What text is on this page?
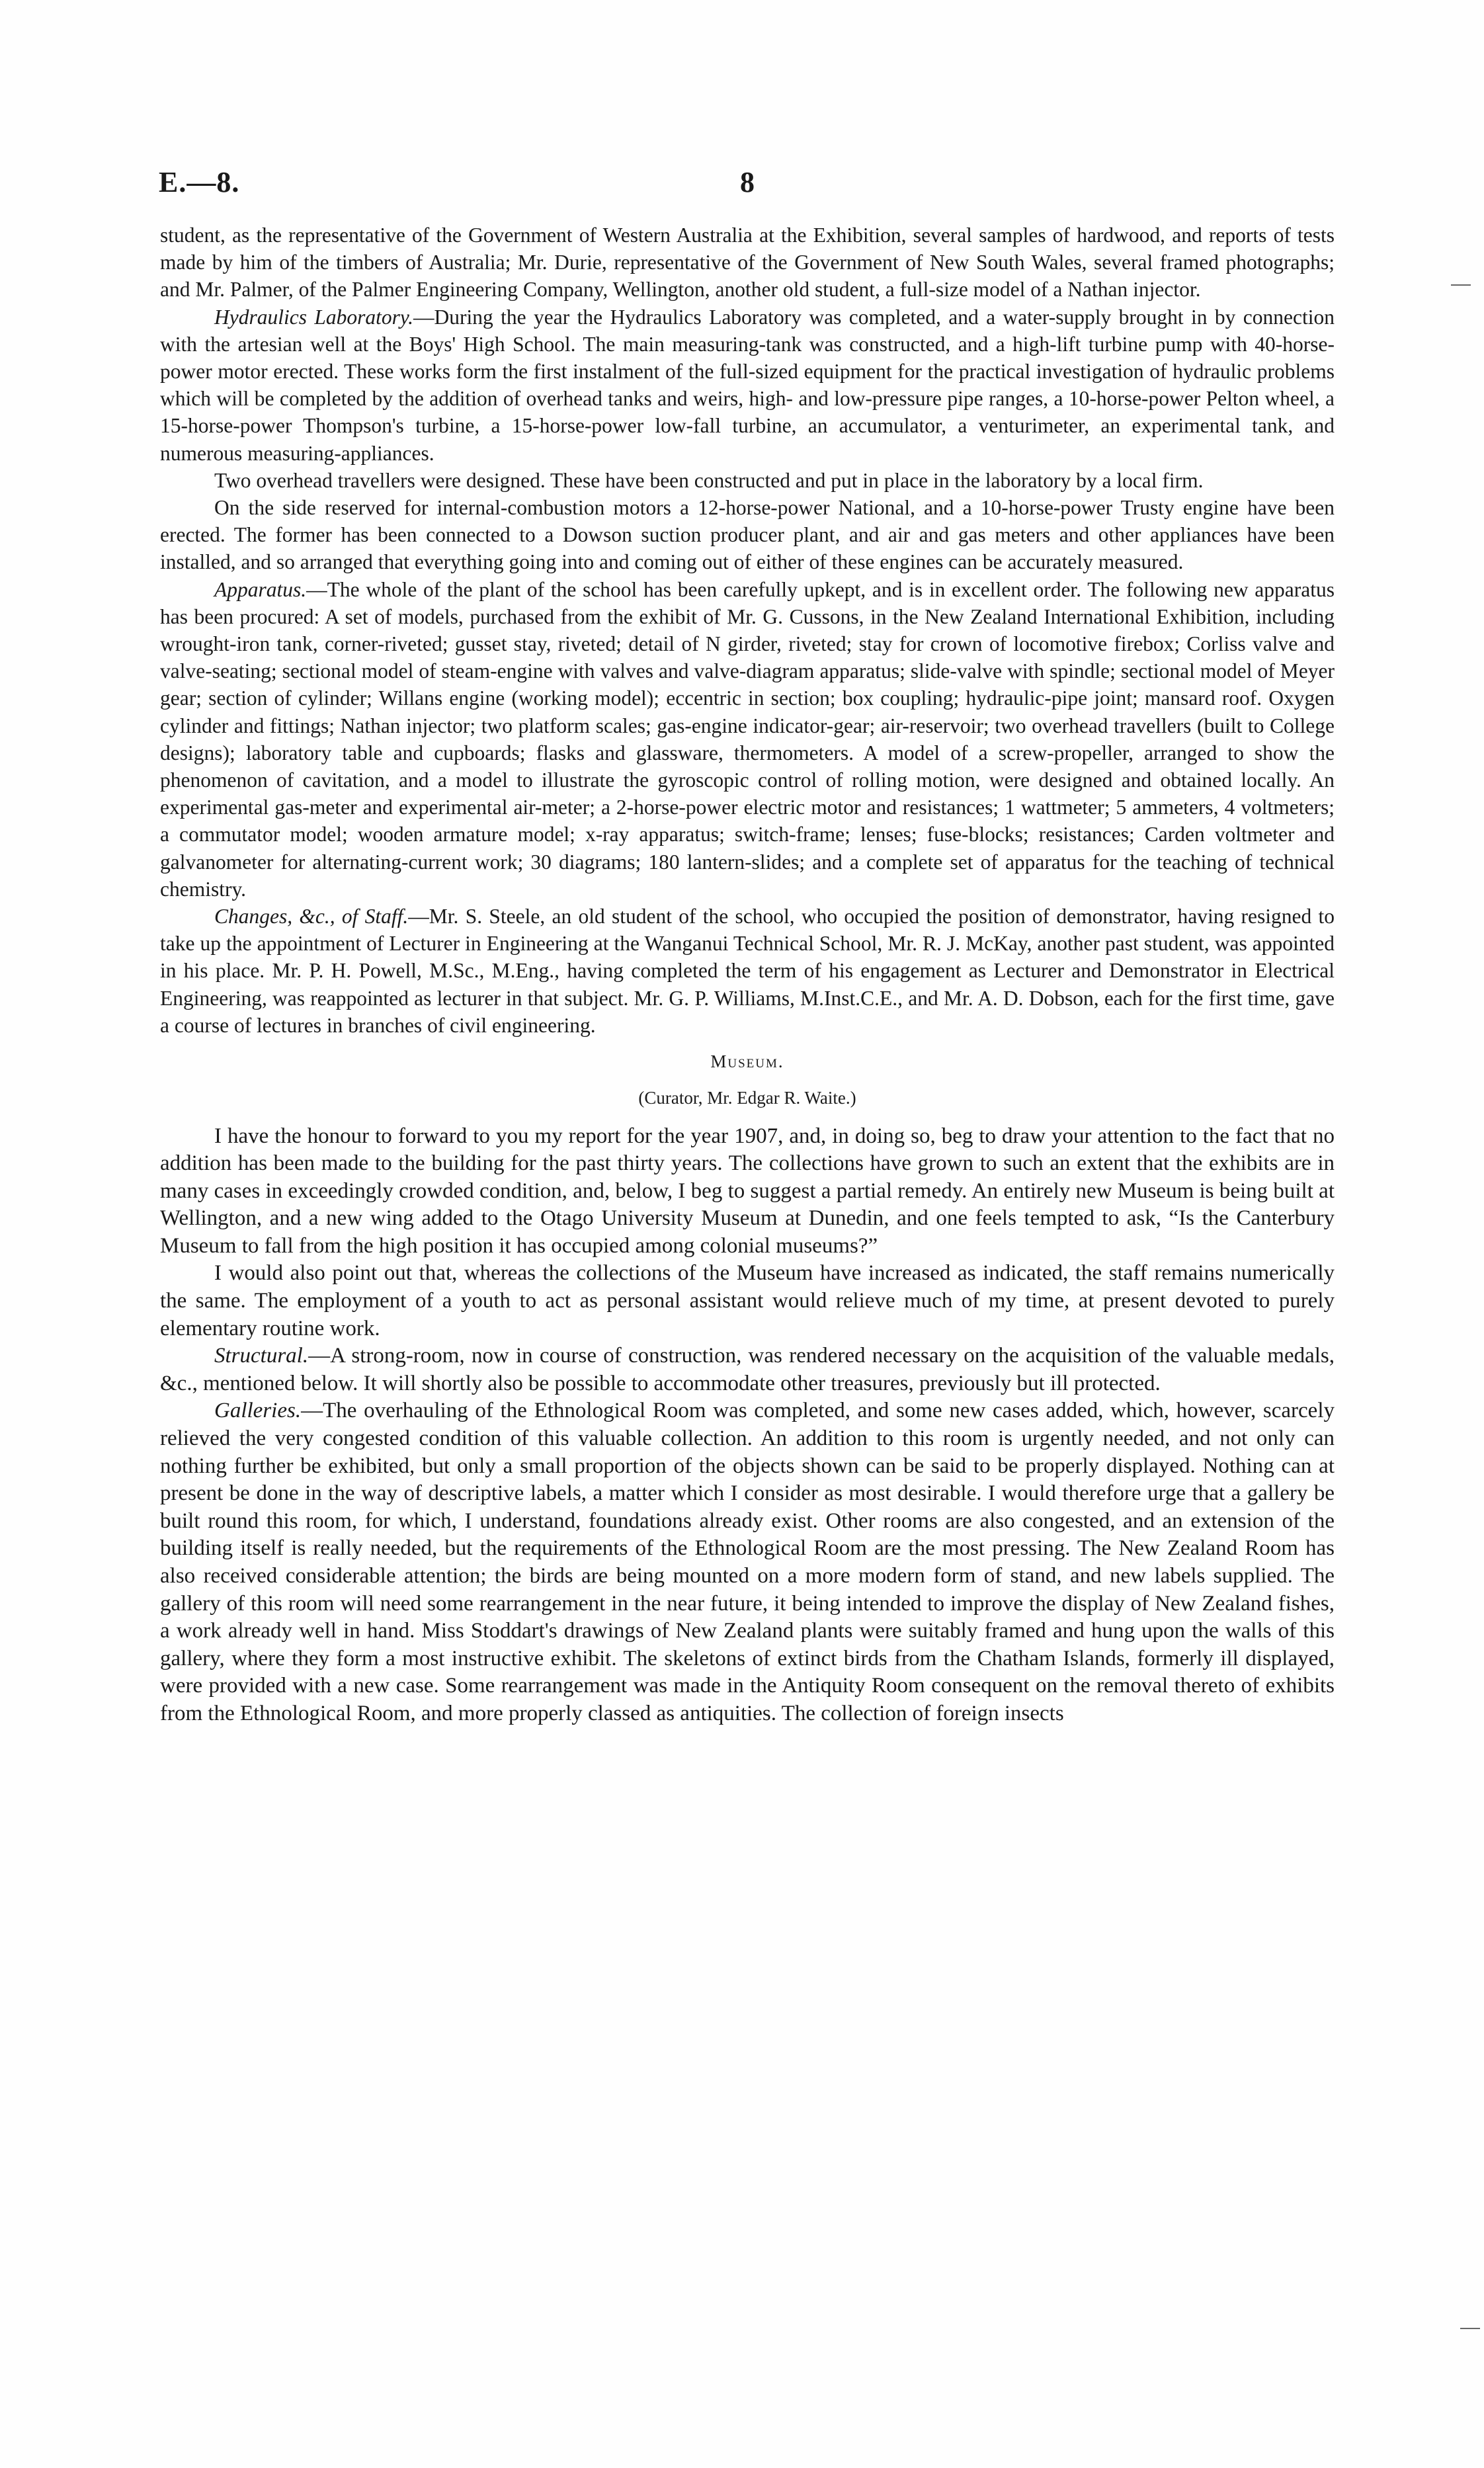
E.—8.	8

student, as the representative of the Government of Western Australia at the Exhibition, several samples of hardwood, and reports of tests made by him of the timbers of Australia; Mr. Durie, representative of the Government of New South Wales, several framed photographs; and Mr. Palmer, of the Palmer Engineering Company, Wellington, another old student, a full-size model of a Nathan injector.

Hydraulics Laboratory.—During the year the Hydraulics Laboratory was completed, and a water-supply brought in by connection with the artesian well at the Boys' High School. The main measuring-tank was constructed, and a high-lift turbine pump with 40-horse-power motor erected. These works form the first instalment of the full-sized equipment for the practical investigation of hydraulic problems which will be completed by the addition of overhead tanks and weirs, high- and low-pressure pipe ranges, a 10-horse-power Pelton wheel, a 15-horse-power Thompson's turbine, a 15-horse-power low-fall turbine, an accumulator, a venturimeter, an experimental tank, and numerous measuring-appliances.

Two overhead travellers were designed. These have been constructed and put in place in the laboratory by a local firm.

On the side reserved for internal-combustion motors a 12-horse-power National, and a 10-horse-power Trusty engine have been erected. The former has been connected to a Dowson suction producer plant, and air and gas meters and other appliances have been installed, and so arranged that everything going into and coming out of either of these engines can be accurately measured.

Apparatus.—The whole of the plant of the school has been carefully upkept, and is in excellent order. The following new apparatus has been procured: A set of models, purchased from the exhibit of Mr. G. Cussons, in the New Zealand International Exhibition, including wrought-iron tank, corner-riveted; gusset stay, riveted; detail of N girder, riveted; stay for crown of locomotive firebox; Corliss valve and valve-seating; sectional model of steam-engine with valves and valve-diagram apparatus; slide-valve with spindle; sectional model of Meyer gear; section of cylinder; Willans engine (working model); eccentric in section; box coupling; hydraulic-pipe joint; mansard roof. Oxygen cylinder and fittings; Nathan injector; two platform scales; gas-engine indicator-gear; air-reservoir; two overhead travellers (built to College designs); laboratory table and cupboards; flasks and glassware, thermometers. A model of a screw-propeller, arranged to show the phenomenon of cavitation, and a model to illustrate the gyroscopic control of rolling motion, were designed and obtained locally. An experimental gas-meter and experimental air-meter; a 2-horse-power electric motor and resistances; 1 wattmeter; 5 ammeters, 4 voltmeters; a commutator model; wooden armature model; x-ray apparatus; switch-frame; lenses; fuse-blocks; resistances; Carden voltmeter and galvanometer for alternating-current work; 30 diagrams; 180 lantern-slides; and a complete set of apparatus for the teaching of technical chemistry.

Changes, &c., of Staff.—Mr. S. Steele, an old student of the school, who occupied the position of demonstrator, having resigned to take up the appointment of Lecturer in Engineering at the Wanganui Technical School, Mr. R. J. McKay, another past student, was appointed in his place. Mr. P. H. Powell, M.Sc., M.Eng., having completed the term of his engagement as Lecturer and Demonstrator in Electrical Engineering, was reappointed as lecturer in that subject. Mr. G. P. Williams, M.Inst.C.E., and Mr. A. D. Dobson, each for the first time, gave a course of lectures in branches of civil engineering.

Museum.

(Curator, Mr. Edgar R. Waite.)

I have the honour to forward to you my report for the year 1907, and, in doing so, beg to draw your attention to the fact that no addition has been made to the building for the past thirty years. The collections have grown to such an extent that the exhibits are in many cases in exceedingly crowded condition, and, below, I beg to suggest a partial remedy. An entirely new Museum is being built at Wellington, and a new wing added to the Otago University Museum at Dunedin, and one feels tempted to ask, “Is the Canterbury Museum to fall from the high position it has occupied among colonial museums?”

I would also point out that, whereas the collections of the Museum have increased as indicated, the staff remains numerically the same. The employment of a youth to act as personal assistant would relieve much of my time, at present devoted to purely elementary routine work.

Structural.—A strong-room, now in course of construction, was rendered necessary on the acquisition of the valuable medals, &c., mentioned below. It will shortly also be possible to accommodate other treasures, previously but ill protected.

Galleries.—The overhauling of the Ethnological Room was completed, and some new cases added, which, however, scarcely relieved the very congested condition of this valuable collection. An addition to this room is urgently needed, and not only can nothing further be exhibited, but only a small proportion of the objects shown can be said to be properly displayed. Nothing can at present be done in the way of descriptive labels, a matter which I consider as most desirable. I would therefore urge that a gallery be built round this room, for which, I understand, foundations already exist. Other rooms are also congested, and an extension of the building itself is really needed, but the requirements of the Ethnological Room are the most pressing. The New Zealand Room has also received considerable attention; the birds are being mounted on a more modern form of stand, and new labels supplied. The gallery of this room will need some rearrangement in the near future, it being intended to improve the display of New Zealand fishes, a work already well in hand. Miss Stoddart's drawings of New Zealand plants were suitably framed and hung upon the walls of this gallery, where they form a most instructive exhibit. The skeletons of extinct birds from the Chatham Islands, formerly ill displayed, were provided with a new case. Some rearrangement was made in the Antiquity Room consequent on the removal thereto of exhibits from the Ethnological Room, and more properly classed as antiquities. The collection of foreign insects
